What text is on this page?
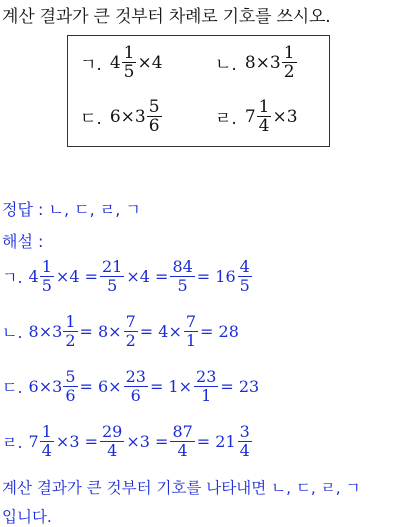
계산 결과가 큰 것부터 차례로 기호를 쓰시오.
ㄱ. $4 \frac{1}{5} \times 4$	ㄴ. $8 \times 3 \frac{1}{2}$
ㄷ. $6 \times 3 \frac{5}{6}$	ㄹ. $7 \frac{1}{4} \times 3$
정답 : ㄴ, ㄷ, ㄹ, ㄱ
해설 :
ㄱ. $4 \frac{1}{5} \times 4 = \frac{21}{5} \times 4 = \frac{84}{5} = 16 \frac{4}{5}$
ㄴ. $8\times 3 \frac{1}{2} = 8\times \frac{7}{2} = 4\times \frac{7}{1} = 28$
ㄷ. $6\times 3 \frac{5}{6} = 6\times \frac{23}{6} = 1\times \frac{23}{1} = 23$
ㄹ. $7 \frac{1}{4} \times 3 = \frac{29}{4} \times 3 = \frac{87}{4} = 21 \frac{3}{4}$
계산 결과가 큰 것부터 기호를 나타내면 ㄴ, ㄷ, ㄹ, ㄱ
입니다.
